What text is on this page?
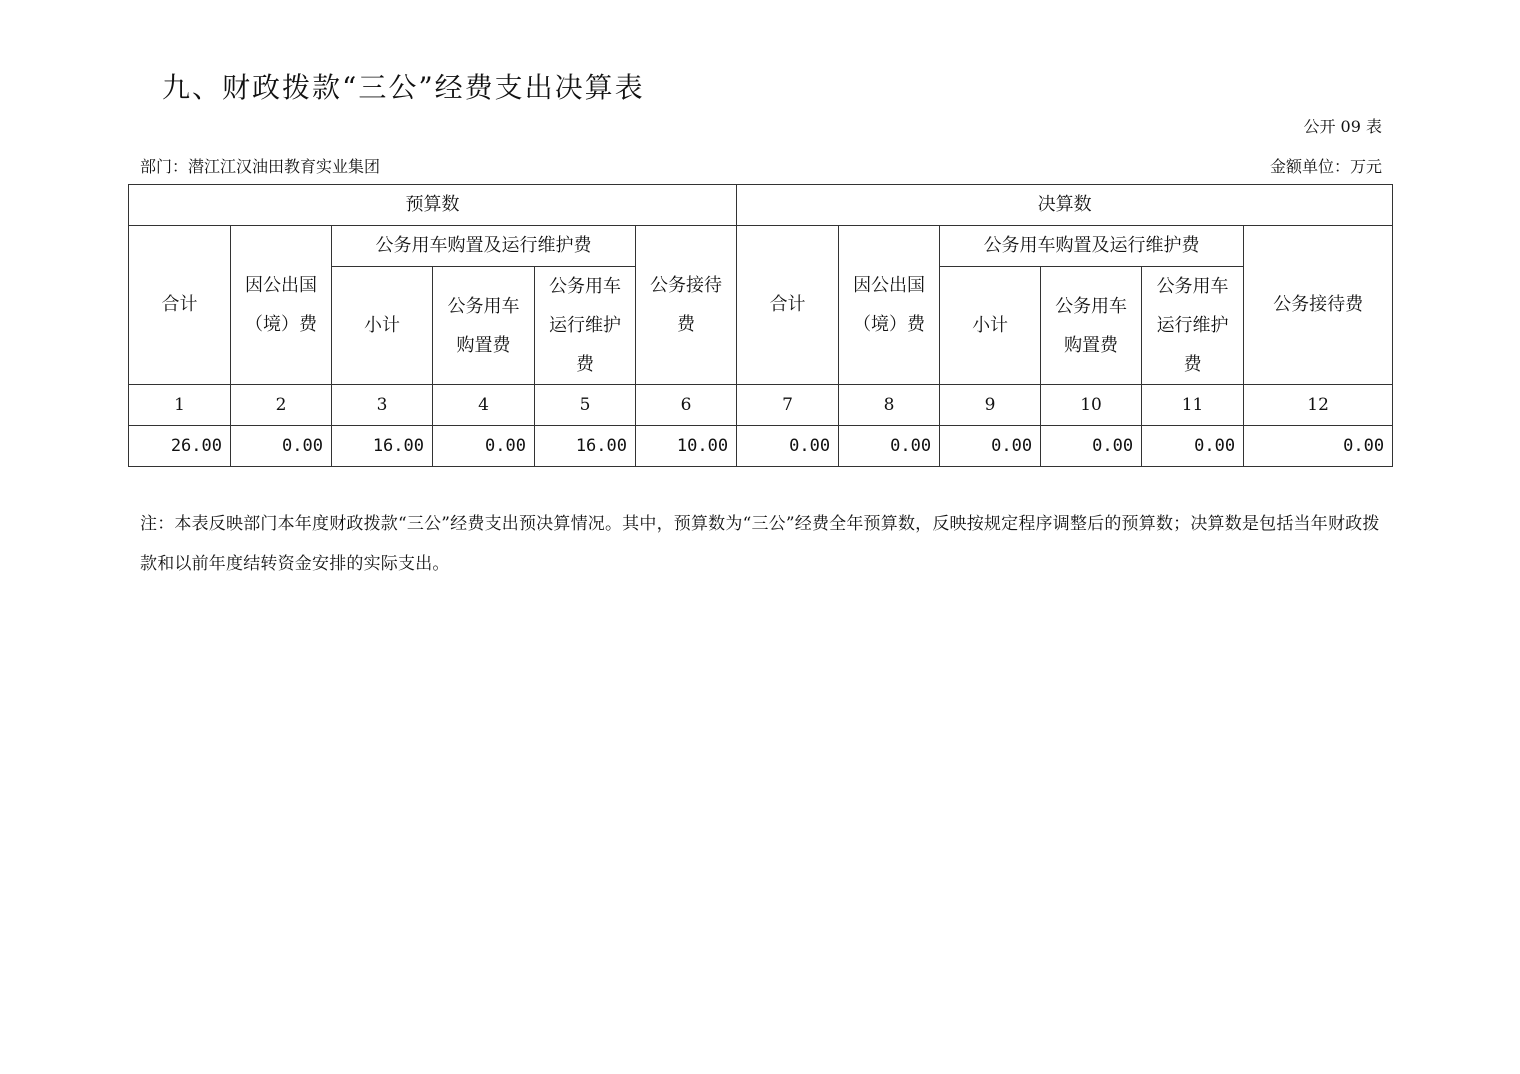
九、财政拨款“三公”经费支出决算表
公开 09 表
部门：潜江江汉油田教育实业集团	金额单位：万元
预算数						决算数					
合计	因公出国（境）费	公务用车购置及运行维护费			公务接待费	合计	因公出国（境）费	公务用车购置及运行维护费			公务接待费
		小计	公务用车购置费	公务用车运行维护费				小计	公务用车购置费	公务用车运行维护费	
1	2	3	4	5	6	7	8	9	10	11	12
26.00	0.00	16.00	0.00	16.00	10.00	0.00	0.00	0.00	0.00	0.00	0.00
注：本表反映部门本年度财政拨款“三公”经费支出预决算情况。其中，预算数为“三公”经费全年预算数，反映按规定程序调整后的预算数；决算数是包括当年财政拨款和以前年度结转资金安排的实际支出。
